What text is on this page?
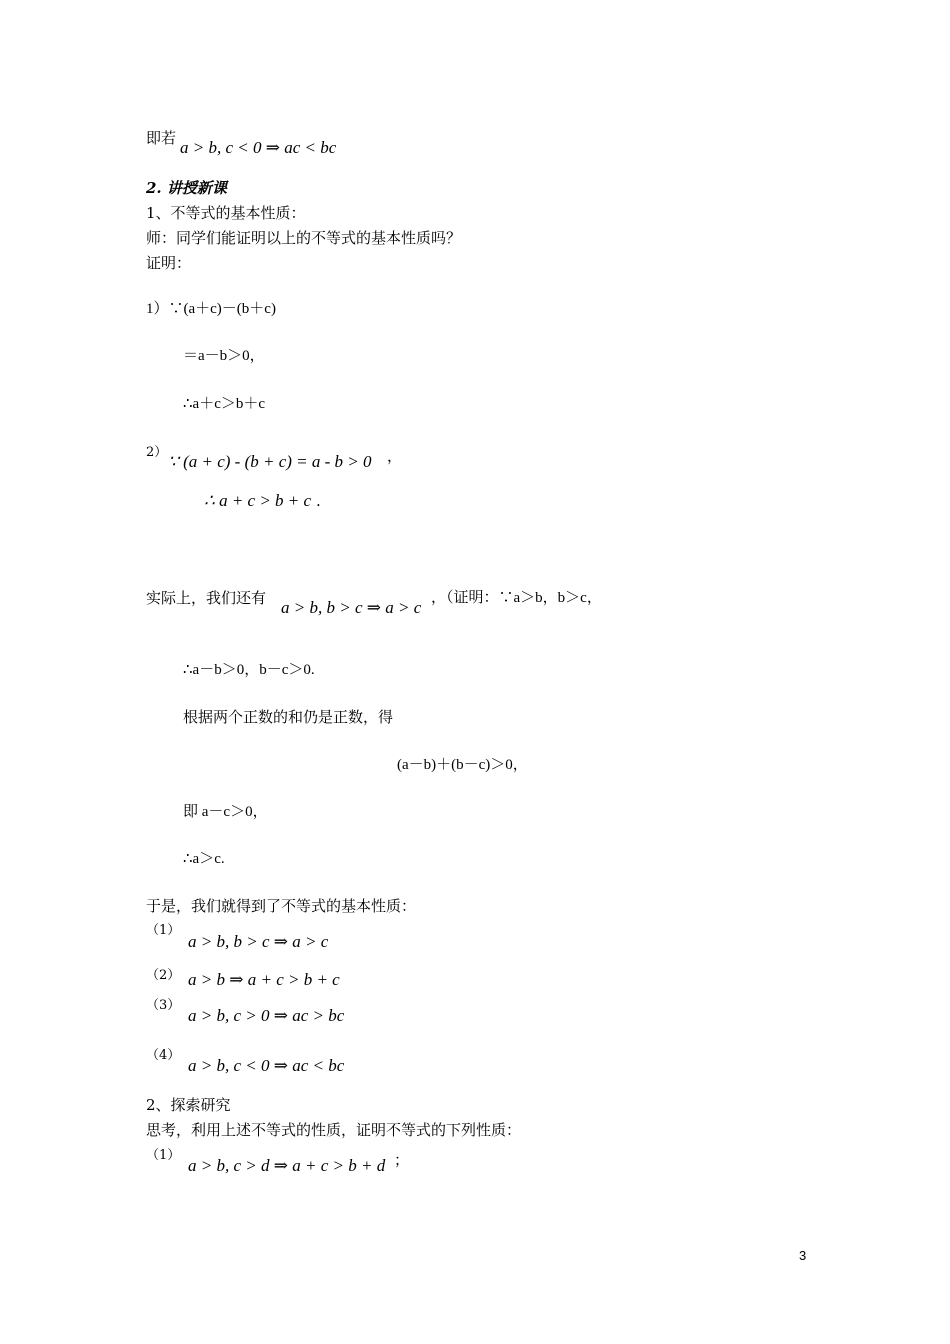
即若 a > b, c < 0 ⇒ ac < bc
2. 讲授新课
1、不等式的基本性质：
师：同学们能证明以上的不等式的基本性质吗？
证明：
1）∵(a＋c)－(b＋c)
＝a－b＞0，
∴a＋c＞b＋c
2） ∵ (a + c) - (b + c) = a - b > 0 ，
∴ a + c > b + c .
实际上，我们还有 a > b, b > c ⇒ a > c ，（证明：∵a＞b，b＞c，
∴a－b＞0，b－c＞0.
根据两个正数的和仍是正数，得
(a－b)＋(b－c)＞0，
即 a－c＞0，
∴a＞c.
于是，我们就得到了不等式的基本性质：
（1）
a > b, b > c ⇒ a > c
（2） a > b ⇒ a + c > b + c
（3）
a > b, c > 0 ⇒ ac > bc
（4）
a > b, c < 0 ⇒ ac < bc
2、探索研究
思考，利用上述不等式的性质，证明不等式的下列性质：
（1）
a > b, c > d ⇒ a + c > b + d ；
3
